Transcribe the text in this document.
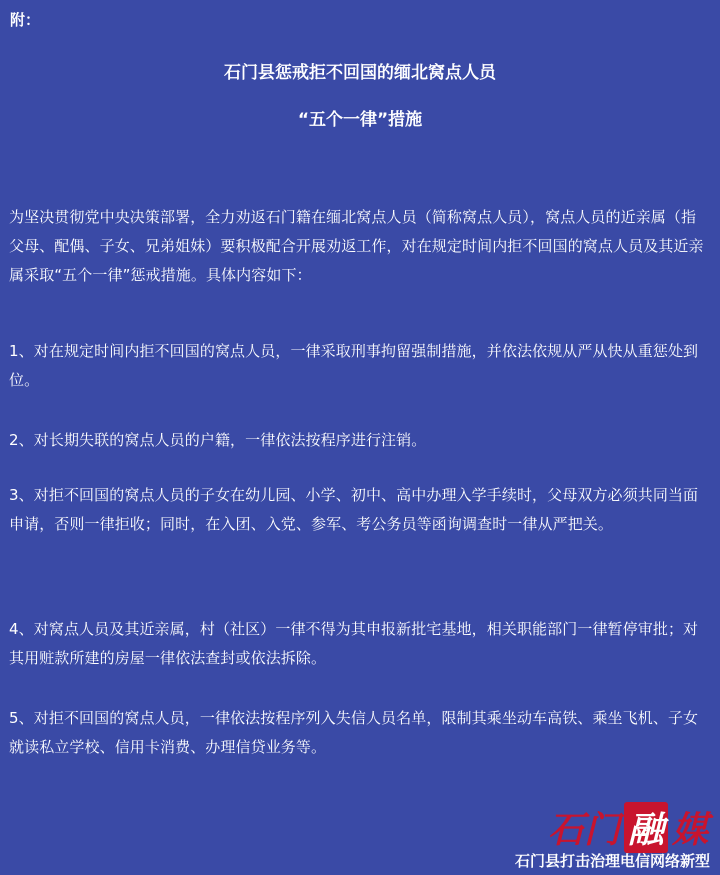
附：
石门县惩戒拒不回国的缅北窝点人员
“五个一律”措施
为坚决贯彻党中央决策部署，全力劝返石门籍在缅北窝点人员（简称窝点人员），窝点人员的近亲属（指父母、配偶、子女、兄弟姐妹）要积极配合开展劝返工作，对在规定时间内拒不回国的窝点人员及其近亲属采取“五个一律”惩戒措施。具体内容如下：
1、对在规定时间内拒不回国的窝点人员，一律采取刑事拘留强制措施，并依法依规从严从快从重惩处到位。
2、对长期失联的窝点人员的户籍，一律依法按程序进行注销。
3、对拒不回国的窝点人员的子女在幼儿园、小学、初中、高中办理入学手续时，父母双方必须共同当面申请，否则一律拒收；同时，在入团、入党、参军、考公务员等函询调查时一律从严把关。
4、对窝点人员及其近亲属，村（社区）一律不得为其申报新批宅基地，相关职能部门一律暂停审批；对其用赃款所建的房屋一律依法查封或依法拆除。
5、对拒不回国的窝点人员，一律依法按程序列入失信人员名单，限制其乘坐动车高铁、乘坐飞机、子女就读私立学校、信用卡消费、办理信贷业务等。
石门 融 媒
石门县打击治理电信网络新型
